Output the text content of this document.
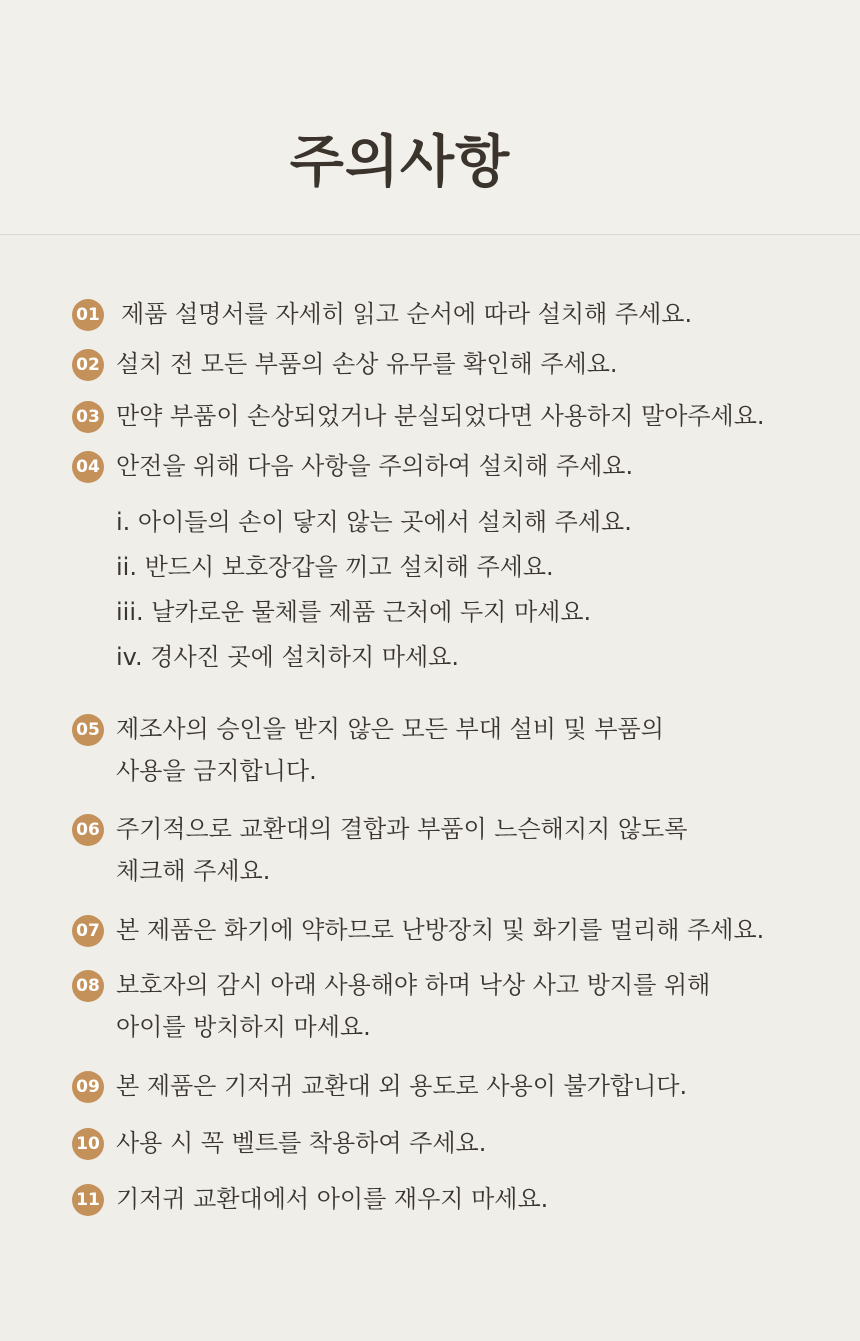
주의사항
01 제품 설명서를 자세히 읽고 순서에 따라 설치해 주세요.
02 설치 전 모든 부품의 손상 유무를 확인해 주세요.
03 만약 부품이 손상되었거나 분실되었다면 사용하지 말아주세요.
04 안전을 위해 다음 사항을 주의하여 설치해 주세요.
i. 아이들의 손이 닿지 않는 곳에서 설치해 주세요.
ii. 반드시 보호장갑을 끼고 설치해 주세요.
iii. 날카로운 물체를 제품 근처에 두지 마세요.
iv. 경사진 곳에 설치하지 마세요.
05 제조사의 승인을 받지 않은 모든 부대 설비 및 부품의
사용을 금지합니다.
06 주기적으로 교환대의 결합과 부품이 느슨해지지 않도록
체크해 주세요.
07 본 제품은 화기에 약하므로 난방장치 및 화기를 멀리해 주세요.
08 보호자의 감시 아래 사용해야 하며 낙상 사고 방지를 위해
아이를 방치하지 마세요.
09 본 제품은 기저귀 교환대 외 용도로 사용이 불가합니다.
10 사용 시 꼭 벨트를 착용하여 주세요.
11 기저귀 교환대에서 아이를 재우지 마세요.
